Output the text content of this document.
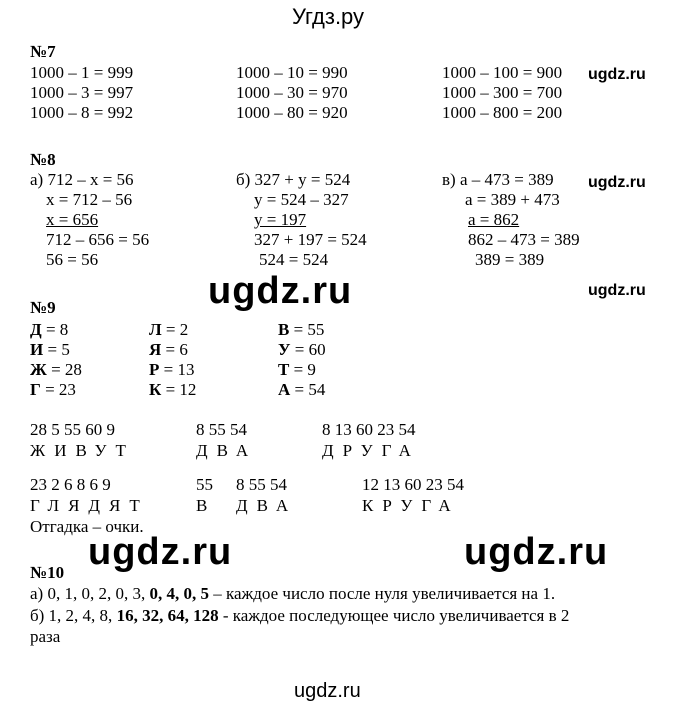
Угдз.ру
№7
1000 – 1 = 999
1000 – 3 = 997
1000 – 8 = 992
1000 – 10 = 990
1000 – 30 = 970
1000 – 80 = 920
1000 – 100 = 900
1000 – 300 = 700
1000 – 800 = 200
ugdz.ru
№8
а) 712 – х = 56
х = 712 – 56
х = 656
712 – 656 = 56
56 = 56
б) 327 + у = 524
у = 524 – 327
у = 197
327 + 197 = 524
524 = 524
в) а – 473 = 389
а = 389 + 473
а = 862
862 – 473 = 389
389 = 389
ugdz.ru
ugdz.ru	ugdz.ru
№9
Д = 8
И = 5
Ж = 28
Г = 23
Л = 2
Я = 6
Р = 13
К = 12
В = 55
У = 60
Т = 9
А = 54
28 5 55 60 9
ЖИВУТ
8 55 54
ДВА
8 13 60 23 54
ДРУГА
23 2 6 8 6 9
ГЛЯДЯТ
55
В
8 55 54
ДВА
12 13 60 23 54
КРУГА
Отгадка – очки.
ugdz.ru	ugdz.ru
№10
а) 0, 1, 0, 2, 0, 3, 0, 4, 0, 5 – каждое число после нуля увеличивается на 1.
б) 1, 2, 4, 8, 16, 32, 64, 128 - каждое последующее число увеличивается в 2
раза
ugdz.ru
